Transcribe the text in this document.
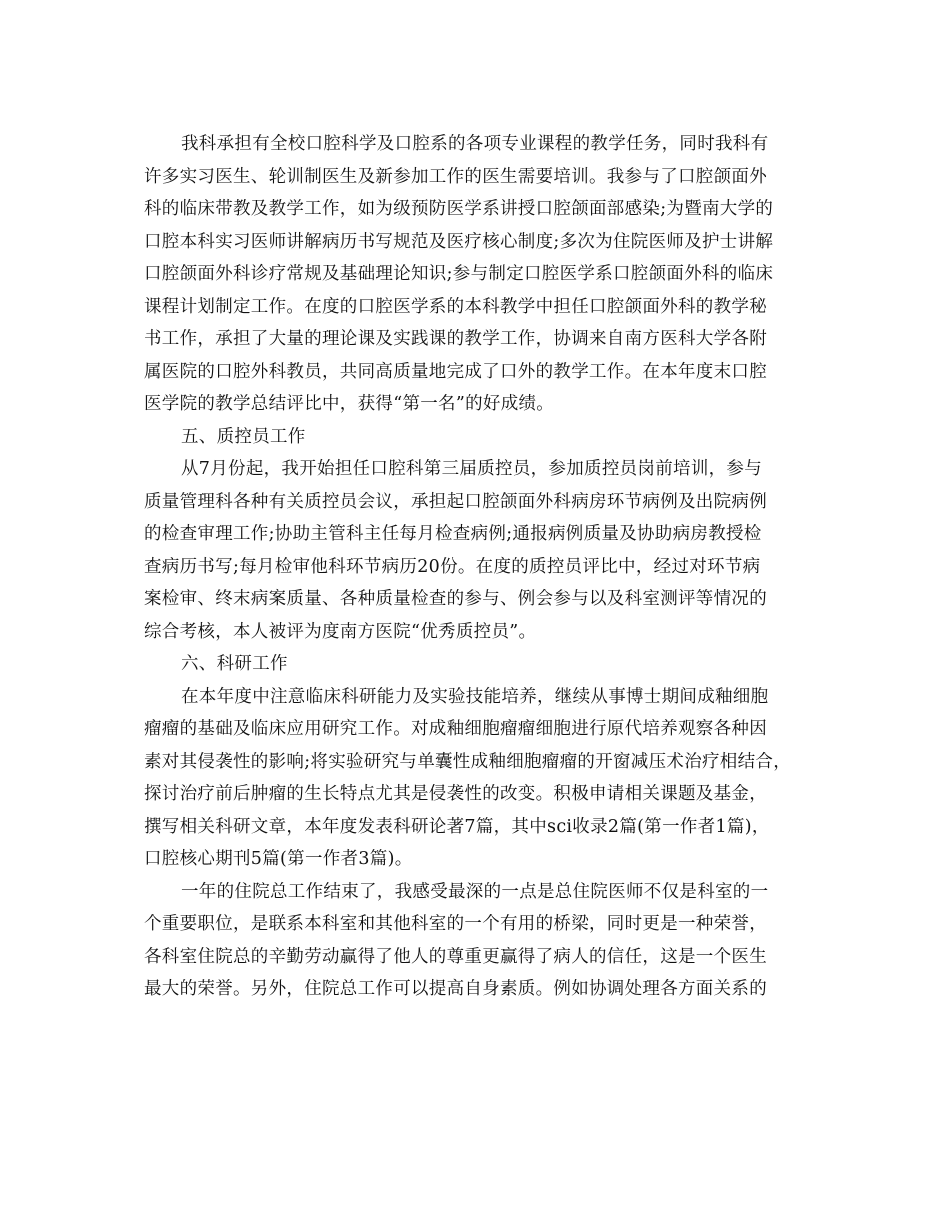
我科承担有全校口腔科学及口腔系的各项专业课程的教学任务，同时我科有
许多实习医生、轮训制医生及新参加工作的医生需要培训。我参与了口腔颌面外
科的临床带教及教学工作，如为级预防医学系讲授口腔颌面部感染;为暨南大学的
口腔本科实习医师讲解病历书写规范及医疗核心制度;多次为住院医师及护士讲解
口腔颌面外科诊疗常规及基础理论知识;参与制定口腔医学系口腔颌面外科的临床
课程计划制定工作。在度的口腔医学系的本科教学中担任口腔颌面外科的教学秘
书工作，承担了大量的理论课及实践课的教学工作，协调来自南方医科大学各附
属医院的口腔外科教员，共同高质量地完成了口外的教学工作。在本年度末口腔
医学院的教学总结评比中，获得“第一名”的好成绩。
五、质控员工作
从7月份起，我开始担任口腔科第三届质控员，参加质控员岗前培训，参与
质量管理科各种有关质控员会议，承担起口腔颌面外科病房环节病例及出院病例
的检查审理工作;协助主管科主任每月检查病例;通报病例质量及协助病房教授检
查病历书写;每月检审他科环节病历20份。在度的质控员评比中，经过对环节病
案检审、终末病案质量、各种质量检查的参与、例会参与以及科室测评等情况的
综合考核，本人被评为度南方医院“优秀质控员”。
六、科研工作
在本年度中注意临床科研能力及实验技能培养，继续从事博士期间成釉细胞
瘤瘤的基础及临床应用研究工作。对成釉细胞瘤瘤细胞进行原代培养观察各种因
素对其侵袭性的影响;将实验研究与单囊性成釉细胞瘤瘤的开窗减压术治疗相结合，
探讨治疗前后肿瘤的生长特点尤其是侵袭性的改变。积极申请相关课题及基金，
撰写相关科研文章，本年度发表科研论著7篇，其中sci收录2篇(第一作者1篇)，
口腔核心期刊5篇(第一作者3篇)。
一年的住院总工作结束了，我感受最深的一点是总住院医师不仅是科室的一
个重要职位，是联系本科室和其他科室的一个有用的桥梁，同时更是一种荣誉，
各科室住院总的辛勤劳动赢得了他人的尊重更赢得了病人的信任，这是一个医生
最大的荣誉。另外，住院总工作可以提高自身素质。例如协调处理各方面关系的
